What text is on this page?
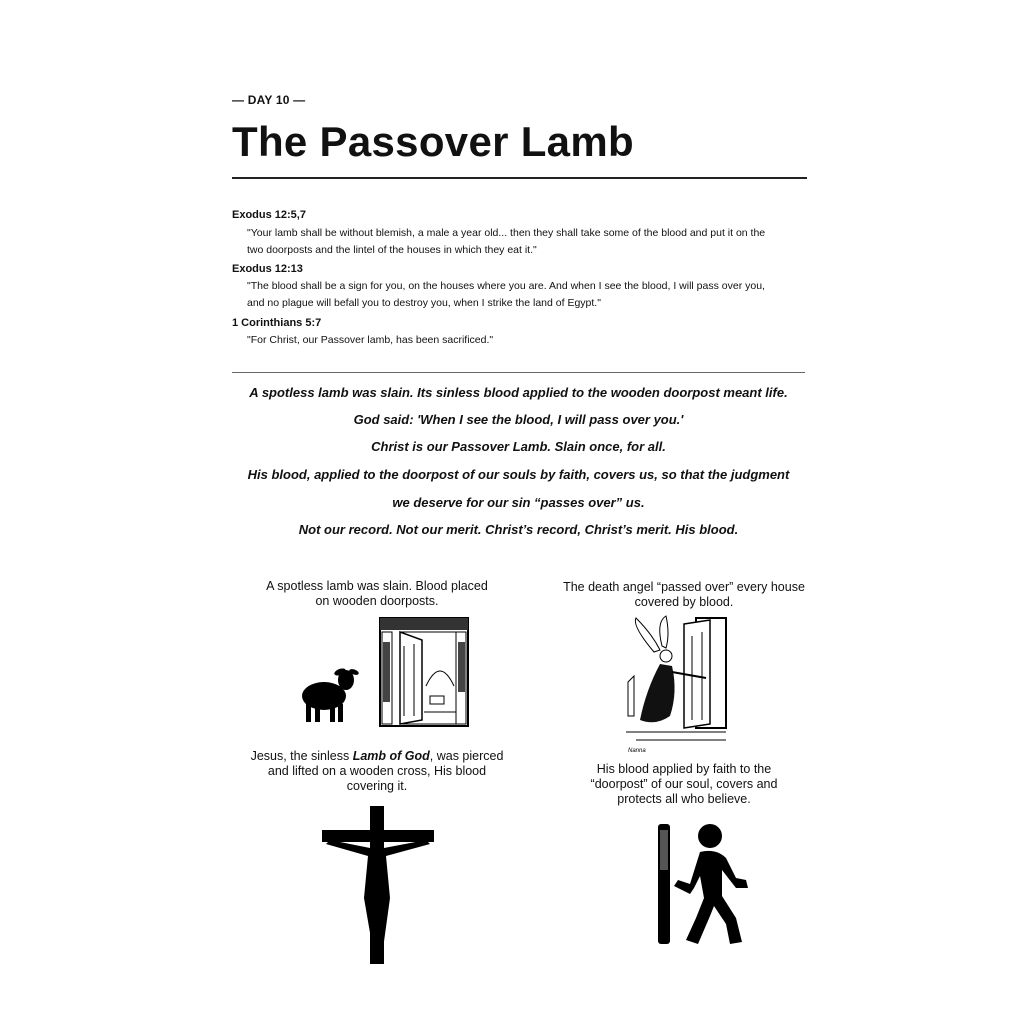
— DAY 10 —
The Passover Lamb
Exodus 12:5,7
"Your lamb shall be without blemish, a male a year old... then they shall take some of the blood and put it on the
two doorposts and the lintel of the houses in which they eat it."
Exodus 12:13
"The blood shall be a sign for you, on the houses where you are. And when I see the blood, I will pass over you,
and no plague will befall you to destroy you, when I strike the land of Egypt."
1 Corinthians 5:7
"For Christ, our Passover lamb, has been sacrificed."
A spotless lamb was slain. Its sinless blood applied to the wooden doorpost meant life.
God said: 'When I see the blood, I will pass over you.'
Christ is our Passover Lamb. Slain once, for all.
His blood, applied to the doorpost of our souls by faith, covers us, so that the judgment
we deserve for our sin “passes over” us.
Not our record. Not our merit. Christ’s record, Christ’s merit. His blood.
A spotless lamb was slain. Blood placed
on wooden doorposts.
The death angel “passed over” every house
covered by blood.
Nanna
Jesus, the sinless Lamb of God, was pierced
and lifted on a wooden cross, His blood
covering it.
His blood applied by faith to the
“doorpost” of our soul, covers and
protects all who believe.
